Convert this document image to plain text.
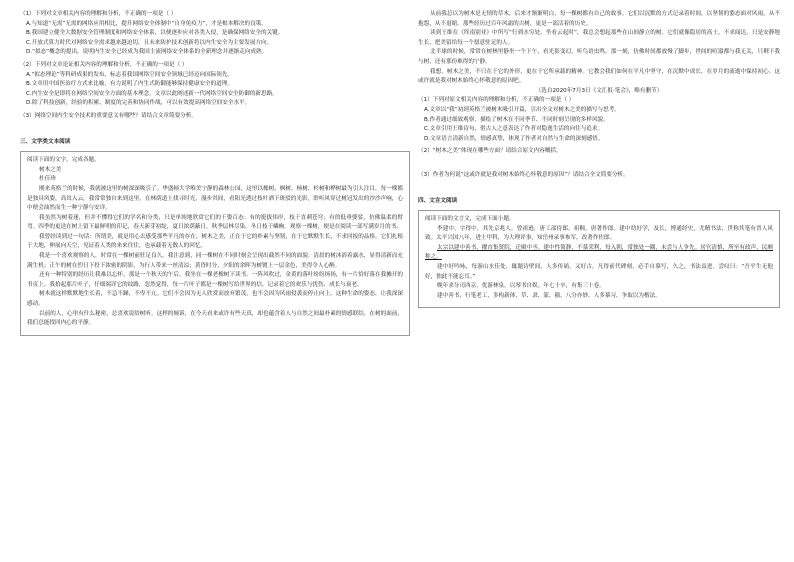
（1）下列对文章相关内容的理解和分析，不正确的一项是（ ）

A.与知道“无需”无需的网络应用相比，提升网络安全体制中“自身免疫力”，才是根本解决的良策。

B.我国建立健全大数据安全管理制度和网络安全体系，以便逐步应对各类入侵，是确保网络安全的关键。

C.开放式算力时代对网络安全需求越来越迫切，且未来防护技术创新将以内生安全为主要发展方向。

D.“拟态”概念的提出，说明内生安全已经成为我国主流网络安全体系的全新理念并逐渐走向成熟。

（2）下列对文章论证相关内容的理解和分析，不正确的一项是（ ）

A.“拟态理论”等科研成果的发布，标志着我国网络空间安全领域已经迈向国际领先。

B.文章用中国医治疗方式来比喻，有力说明了内生式防御能够保持健康安全的道理。

C.内生安全是即将在网络空间安全方面的基本理念，文章以此阐述新一代网络空间安全防御的新思路。

D.除了科技创新，经验的积累、制度的完善和协同作战，可以有效提高网络空间安全水平。

（3）网络空间内生安全技术的重要意义有哪些？请结合文章简要分析。

三、文学类文本阅读

阅读下面的文字，完成各题。

树木之美

杜佳珍

刚来英格兰的时候，我就被这里的树深深吸引了。华盛顿大学唯美宁静的森林公园，这里以橡树、枫树、杨树、杉树和桦树最为引人注目，每一棵都是独具风姿，高耸入云。我常常独自来到这里，在林荫道上找寻时光，漫步其间，看阳光透过枝叶洒下斑驳的光影，聆听风穿过树冠发出的沙沙声响，心中便会油然而生一种宁静与安详。

我虽然为树着迷，但并不懂得它们的学名和分类，只是单纯地欣赏它们的千姿百态：有的挺拔伟岸，枝干直刺苍穹；有的低垂婆娑，仿佛温柔的臂弯。四季的更迭在树上留下最鲜明的印记，春天新芽初绽，夏日浓荫蔽日，秋季层林尽染，冬日枝干嶙峋。观察一棵树，便是在阅读一部写满岁月的书。

我曾经读到过一句话：所谓美，就是用心去感受那些平凡的存在。树木之美，正在于它的朴素与坚韧，在于它默默生长、不求回报的品格。它们扎根于大地，伸展向天空，见证着人类的来来往往，也承载着无数人的回忆。

我是一个喜欢观察的人，时常在一棵树前驻足良久。我注意到，同一棵树在不同时刻会呈现出截然不同的面貌：清晨的树沐浴着露水，显得清新而充满生机；正午的树在烈日下投下浓密的阴影，为行人带来一丝清凉；黄昏时分，夕阳的余晖为树镀上一层金色，美得令人心醉。

还有一种特别的经历让我难以忘怀。那是一个秋天的午后，我坐在一棵老橡树下读书。一阵风吹过，金黄的落叶纷纷扬扬，有一片恰好落在我摊开的书页上。我拾起那片叶子，仔细端详它的纹路，忽然觉得，每一片叶子都是一棵树写给世界的信，记录着它的欢乐与忧伤、成长与衰老。

树木就这样默默地生长着，不急不躁，不卑不亢。它们不会因为无人欣赏而放弃繁茂，也不会因为风雨侵袭而停止向上。这种生命的姿态，让我深深感动。

以前的人，心里有什么秘密，总喜欢说给树听。这样的倾诉，在今天看来或许有些天真，却也蕴含着人与自然之间最朴素的情感联结。在树的面前，我们总能找回内心的平静。

从前我总以为树木是无情的草木，后来才渐渐明白，每一棵树都有自己的故事。它们以沉默的方式记录着时间，以坚韧的姿态面对风雨，从不抱怨，从不退缩。那些经历过百年风霜的古树，更是一部活着的历史。

读到王维在《终南别业》中所写“行到水穷处，坐看云起时”，我总会想起那些在山间静立的树。它们就像隐居的高士，不求闻达，只是安静地生长，把美留给每一个愿意驻足的人。

北半球的时候，常常在树林里静坐一个下午，看光影变幻，听鸟语虫鸣。那一刻，仿佛时间都放慢了脚步，世间的喧嚣都与我无关，只剩下我与树，还有那份难得的宁静。

我想，树木之美，不只在于它的外形，更在于它所承载的精神。它教会我们如何在平凡中坚守，在沉默中成长，在岁月的流逝中保持初心。这或许就是我对树木始终心怀敬意的原因吧。

（选自2020年7月3日《文汇报·笔会》，略有删节）

（1）下列对原文相关内容的理解和分析，不正确的一项是（ ）

A.文章以“我”初到英格兰被树木吸引开篇，引出全文对树木之美的描写与思考。

B.作者通过细致观察，描绘了树木在不同季节、不同时刻呈现的多样风貌。

C.文章引用王维诗句，借古人之意表达了作者对隐逸生活的向往与追求。

D.文章语言清新自然，情感真挚，体现了作者对自然与生命的深刻感悟。

（2）“树木之美”体现在哪些方面？请结合原文内容概括。

（3）作者为何说“这或许就是我对树木始终心怀敬意的原因”？请结合全文简要分析。

四、文言文阅读

阅读下面的文言文，完成下面小题。

李建中，字得中，其先京兆人。曾祖逊，唐工部侍郎。祖稠，唐著作郎。建中幼好学，及长，博通经史，尤精书法，世称其笔有晋人风致。太平兴国八年，进士甲科，为大理评事，知岳州录事参军，改著作佐郎。

太宗以建中善书，擢直集贤院，迁殿中丞。建中性简静，不慕荣利，每入朝，常独处一隅，未尝与人争先。居官清慎，所至有政声，民颇称之。

建中好吟咏，每游山水佳处，辄题诗壁间，人多传诵。又好古，凡得前代碑刻，必手自摹写，久之，书法益进。尝叹曰：“吾平生无他好，独此不能忘耳。”

晚年求分司西京，优游林泉，以琴书自娱。年七十卒，有集三十卷。

建中善书，行笔老工，多构新体，草、隶、篆、籀、八分亦妙，人多摹习，争取以为楷法。
